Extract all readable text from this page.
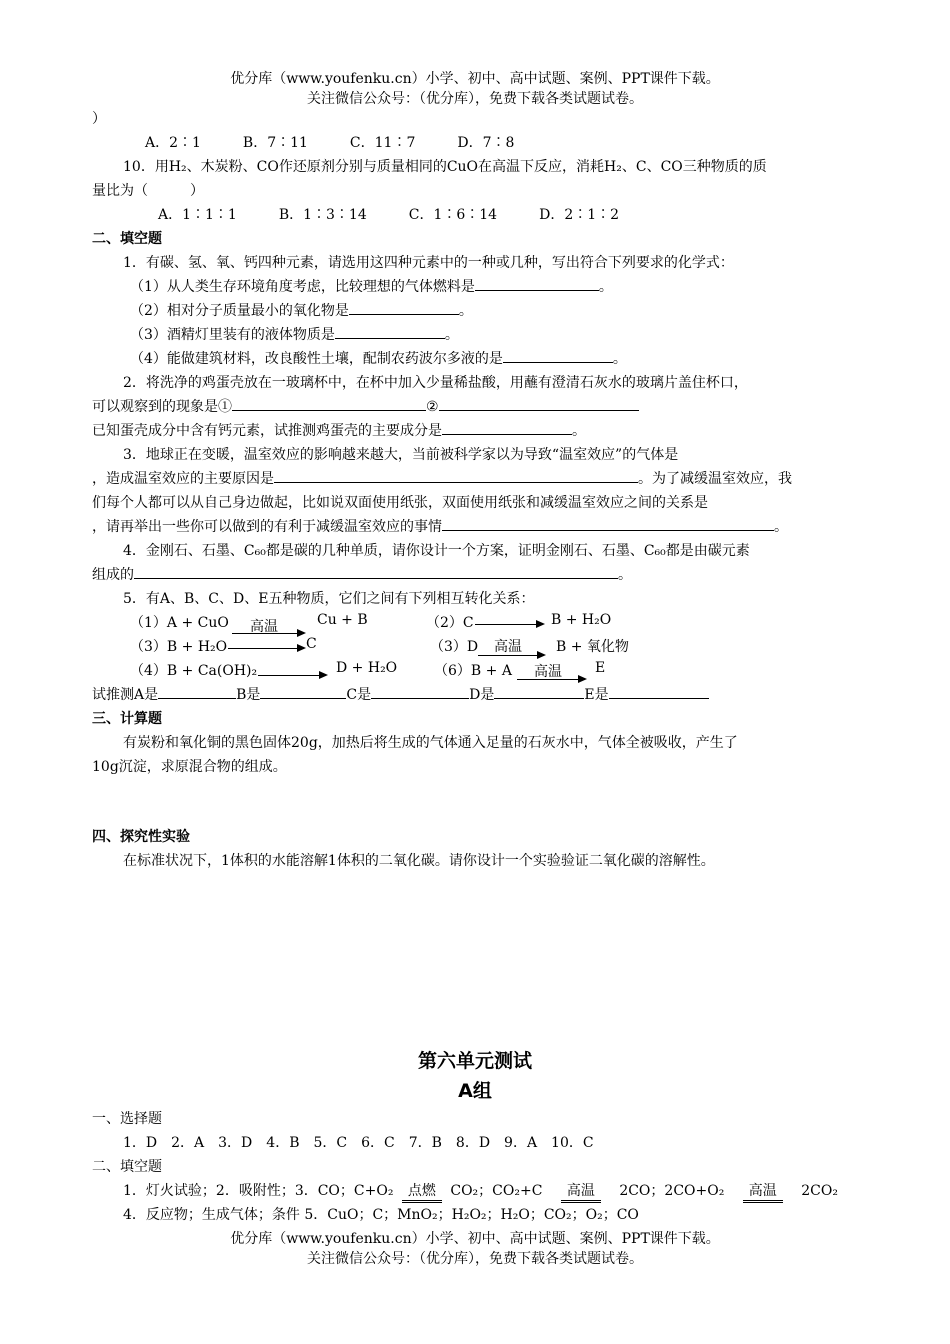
优分库（www.youfenku.cn）小学、初中、高中试题、案例、PPT课件下载。
关注微信公众号：（优分库），免费下载各类试题试卷。
）
A．2∶1　　　B．7∶11　　　C．11∶7　　　D．7∶8
10．用H₂、木炭粉、CO作还原剂分别与质量相同的CuO在高温下反应，消耗H₂、C、CO三种物质的质
量比为（　　　）
A．1∶1∶1　　　B．1∶3∶14　　　C．1∶6∶14　　　D．2∶1∶2
二、填空题
1．有碳、氢、氧、钙四种元素，请选用这四种元素中的一种或几种，写出符合下列要求的化学式：
（1）从人类生存环境角度考虑，比较理想的气体燃料是	。
（2）相对分子质量最小的氧化物是	。
（3）酒精灯里装有的液体物质是	。
（4）能做建筑材料，改良酸性土壤，配制农药波尔多液的是	。
2．将洗净的鸡蛋壳放在一玻璃杯中，在杯中加入少量稀盐酸，用蘸有澄清石灰水的玻璃片盖住杯口，
可以观察到的现象是①	②
已知蛋壳成分中含有钙元素，试推测鸡蛋壳的主要成分是	。
3．地球正在变暖，温室效应的影响越来越大，当前被科学家以为导致“温室效应”的气体是
，造成温室效应的主要原因是	。为了减缓温室效应，我
们每个人都可以从自己身边做起，比如说双面使用纸张，双面使用纸张和减缓温室效应之间的关系是
，请再举出一些你可以做到的有利于减缓温室效应的事情	。
4．金刚石、石墨、C₆₀都是碳的几种单质，请你设计一个方案，证明金刚石、石墨、C₆₀都是由碳元素
组成的	。
5．有A、B、C、D、E五种物质，它们之间有下列相互转化关系：
（1）A + CuO 高温	Cu + B	（2）C	B + H₂O
（3）B + H₂O	C	（3）D 高温 B + 氧化物
（4）B + Ca(OH)₂	D + H₂O	（6）B + A 高温 E
试推测A是	B是	C是	D是	E是
三、计算题
有炭粉和氧化铜的黑色固体20g，加热后将生成的气体通入足量的石灰水中，气体全被吸收，产生了
10g沉淀，求原混合物的组成。
四、探究性实验
在标准状况下，1体积的水能溶解1体积的二氧化碳。请你设计一个实验验证二氧化碳的溶解性。
第六单元测试
A组
一、选择题
1．D　2．A　3．D　4．B　5．C　6．C　7．B　8．D　9．A　10．C
二、填空题
1．灯火试验；2．吸附性；3．CO；C+O₂ 点燃 CO₂；CO₂+C 高温 2CO；2CO+O₂ 高温 2CO₂
4．反应物；生成气体；条件 5．CuO；C；MnO₂；H₂O₂；H₂O；CO₂；O₂；CO
优分库（www.youfenku.cn）小学、初中、高中试题、案例、PPT课件下载。
关注微信公众号：（优分库），免费下载各类试题试卷。
